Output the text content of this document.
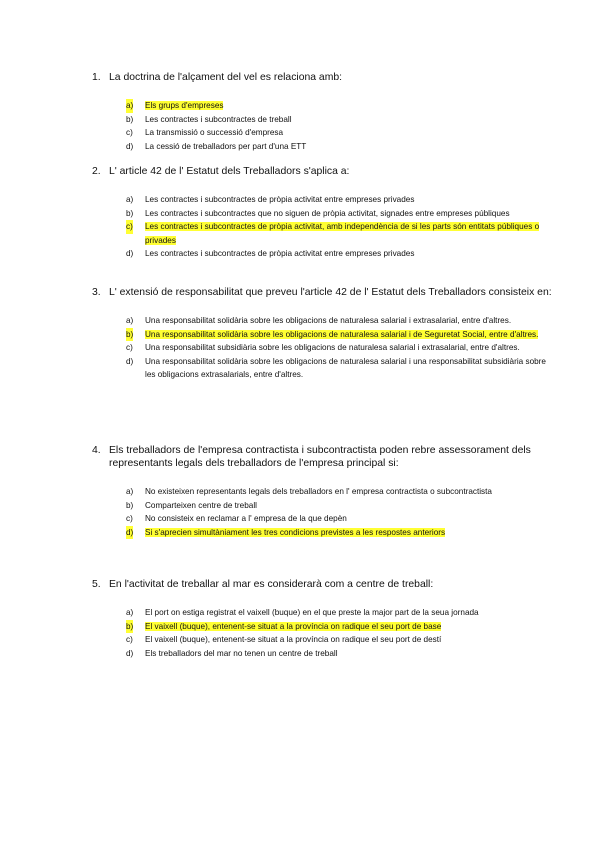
1. La doctrina de l'alçament del vel es relaciona amb:
a) Els grups d'empreses
b) Les contractes i subcontractes de treball
c) La transmissió o successió d'empresa
d) La cessió de treballadors per part d'una ETT
2. L' article 42 de l' Estatut dels Treballadors s'aplica a:
a) Les contractes i subcontractes de pròpia activitat entre empreses privades
b) Les contractes i subcontractes que no siguen de pròpia activitat, signades entre empreses públiques
c) Les contractes i subcontractes de pròpia activitat, amb independència de si les parts són entitats públiques o privades
d) Les contractes i subcontractes de pròpia activitat entre empreses privades
3. L' extensió de responsabilitat que preveu l'article 42 de l' Estatut dels Treballadors consisteix en:
a) Una responsabilitat solidària sobre les obligacions de naturalesa salarial i extrasalarial, entre d'altres.
b) Una responsabilitat solidària sobre les obligacions de naturalesa salarial i de Seguretat Social, entre d'altres.
c) Una responsabilitat subsidiària sobre les obligacions de naturalesa salarial i extrasalarial, entre d'altres.
d) Una responsabilitat solidària sobre les obligacions de naturalesa salarial i una responsabilitat subsidiària sobre les obligacions extrasalarials, entre d'altres.
4. Els treballadors de l'empresa contractista i subcontractista poden rebre assessorament dels representants legals dels treballadors de l'empresa principal si:
a) No existeixen representants legals dels treballadors en l' empresa contractista o subcontractista
b) Comparteixen centre de treball
c) No consisteix en reclamar a l' empresa de la que depèn
d) Si s'aprecien simultàniament les tres condicions previstes a les respostes anteriors
5. En l'activitat de treballar al mar es considerarà com a centre de treball:
a) El port on estiga registrat el vaixell (buque) en el que preste la major part de la seua jornada
b) El vaixell (buque), entenent-se situat a la província on radique el seu port de base
c) El vaixell (buque), entenent-se situat a la província on radique el seu port de destí
d) Els treballadors del mar no tenen un centre de treball
